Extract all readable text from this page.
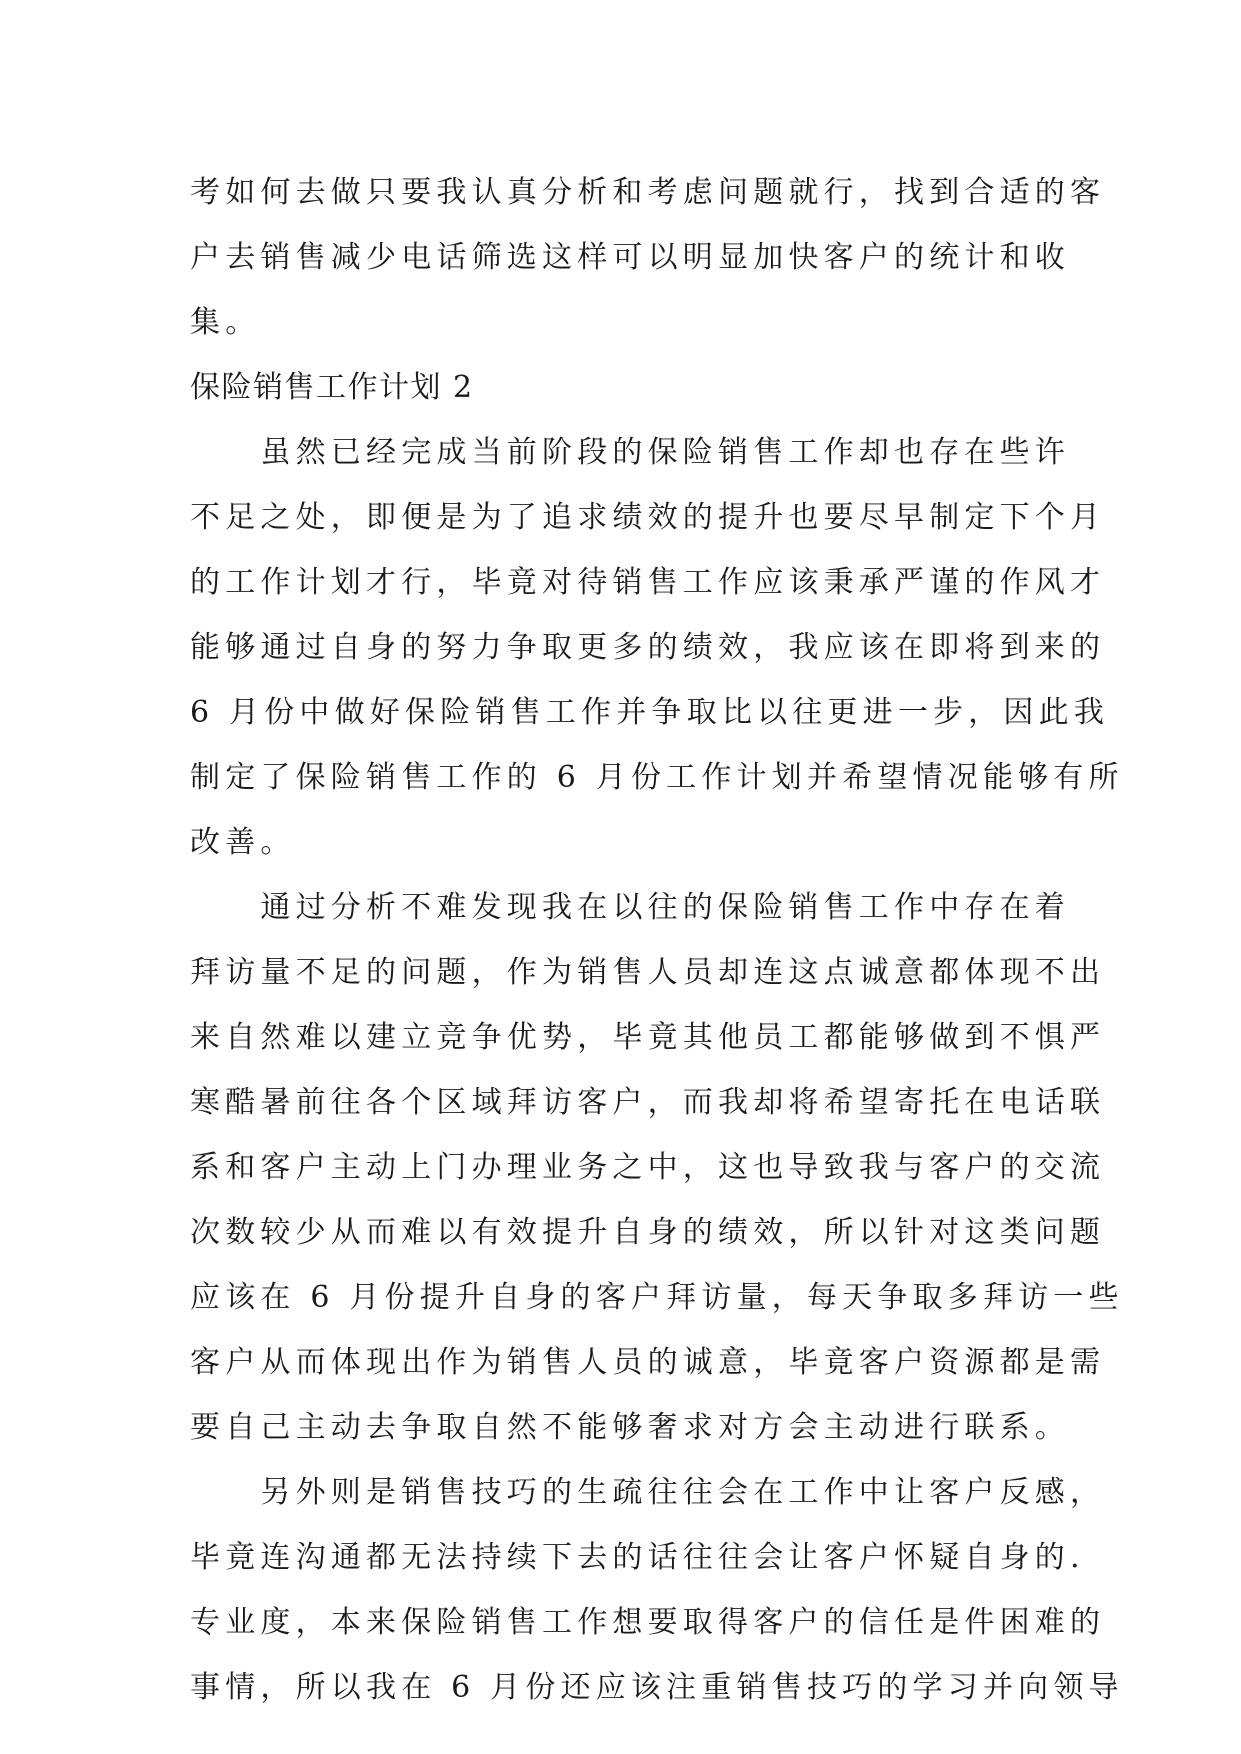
考如何去做只要我认真分析和考虑问题就行，找到合适的客
户去销售减少电话筛选这样可以明显加快客户的统计和收
集。
保险销售工作计划 2
　　虽然已经完成当前阶段的保险销售工作却也存在些许
不足之处，即便是为了追求绩效的提升也要尽早制定下个月
的工作计划才行，毕竟对待销售工作应该秉承严谨的作风才
能够通过自身的努力争取更多的绩效，我应该在即将到来的
6 月份中做好保险销售工作并争取比以往更进一步，因此我
制定了保险销售工作的 6 月份工作计划并希望情况能够有所
改善。
　　通过分析不难发现我在以往的保险销售工作中存在着
拜访量不足的问题，作为销售人员却连这点诚意都体现不出
来自然难以建立竞争优势，毕竟其他员工都能够做到不惧严
寒酷暑前往各个区域拜访客户，而我却将希望寄托在电话联
系和客户主动上门办理业务之中，这也导致我与客户的交流
次数较少从而难以有效提升自身的绩效，所以针对这类问题
应该在 6 月份提升自身的客户拜访量，每天争取多拜访一些
客户从而体现出作为销售人员的诚意，毕竟客户资源都是需
要自己主动去争取自然不能够奢求对方会主动进行联系。
　　另外则是销售技巧的生疏往往会在工作中让客户反感，
毕竟连沟通都无法持续下去的话往往会让客户怀疑自身的.
专业度，本来保险销售工作想要取得客户的信任是件困难的
事情，所以我在 6 月份还应该注重销售技巧的学习并向领导
